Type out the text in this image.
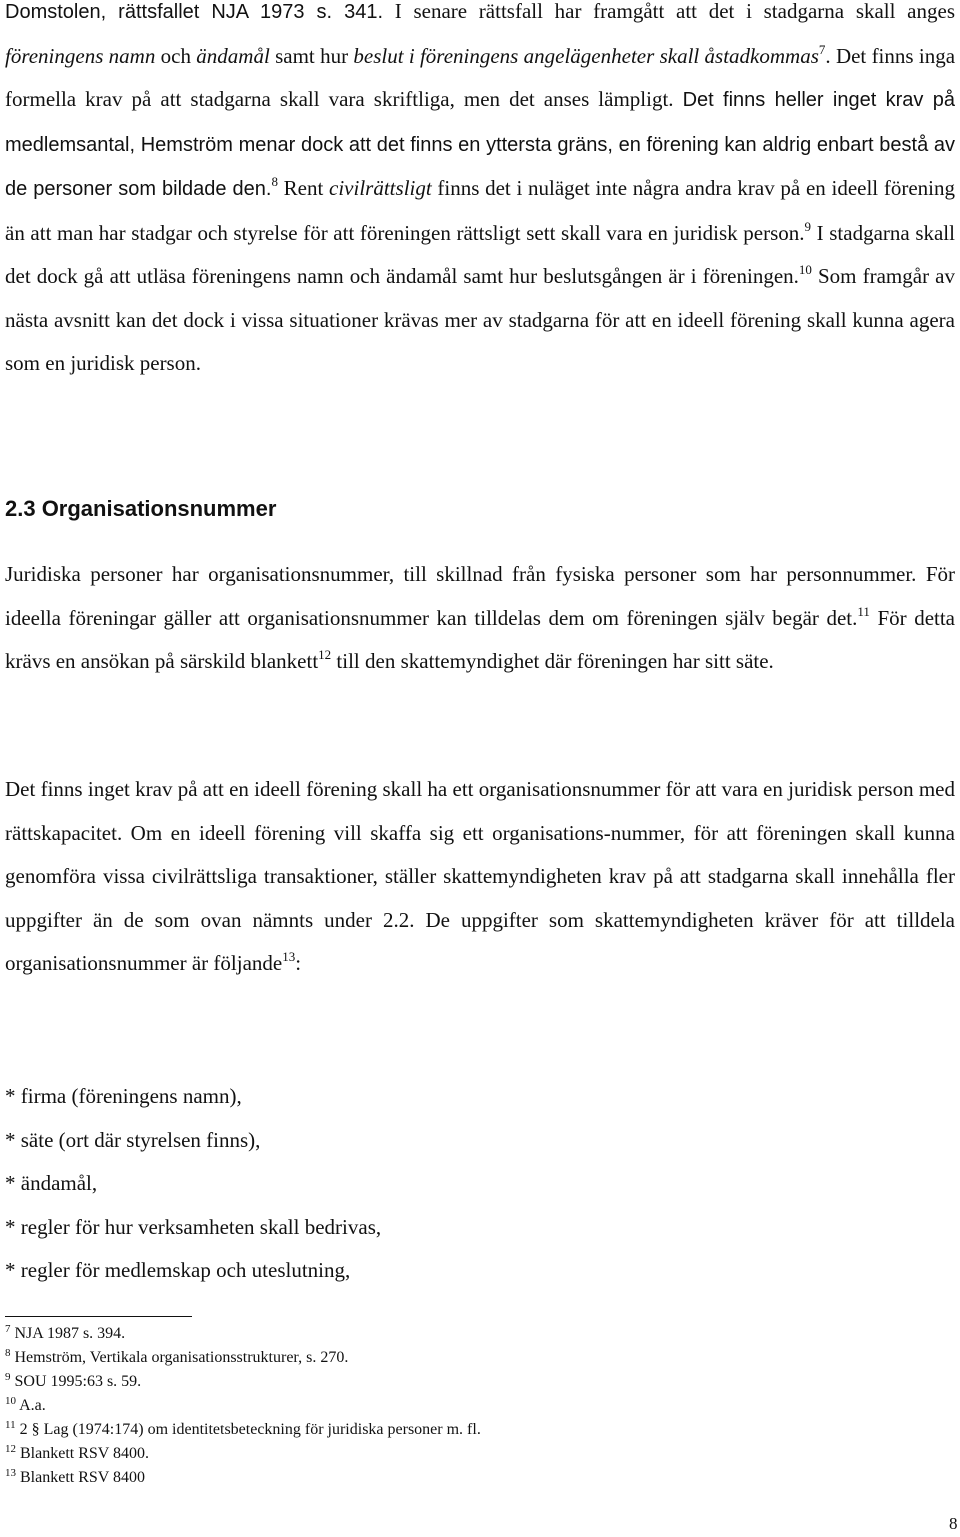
Domstolen, rättsfallet NJA 1973 s. 341. I senare rättsfall har framgått att det i stadgarna skall anges föreningens namn och ändamål samt hur beslut i föreningens angelägenheter skall åstadkommas$^7$. Det finns inga formella krav på att stadgarna skall vara skriftliga, men det anses lämpligt. Det finns heller inget krav på medlemsantal, Hemström menar dock att det finns en yttersta gräns, en förening kan aldrig enbart bestå av de personer som bildade den.$^8$ Rent civilrättsligt finns det i nuläget inte några andra krav på en ideell förening än att man har stadgar och styrelse för att föreningen rättsligt sett skall vara en juridisk person.$^9$ I stadgarna skall det dock gå att utläsa föreningens namn och ändamål samt hur beslutsgången är i föreningen.$^{10}$ Som framgår av nästa avsnitt kan det dock i vissa situationer krävas mer av stadgarna för att en ideell förening skall kunna agera som en juridisk person.

2.3 Organisationsnummer

Juridiska personer har organisationsnummer, till skillnad från fysiska personer som har personnummer. För ideella föreningar gäller att organisationsnummer kan tilldelas dem om föreningen själv begär det.$^{11}$ För detta krävs en ansökan på särskild blankett$^{12}$ till den skattemyndighet där föreningen har sitt säte.

Det finns inget krav på att en ideell förening skall ha ett organisationsnummer för att vara en juridisk person med rättskapacitet. Om en ideell förening vill skaffa sig ett organisations-nummer, för att föreningen skall kunna genomföra vissa civilrättsliga transaktioner, ställer skattemyndigheten krav på att stadgarna skall innehålla fler uppgifter än de som ovan nämnts under 2.2. De uppgifter som skattemyndigheten kräver för att tilldela organisationsnummer är följande$^{13}$:

* firma (föreningens namn),
* säte (ort där styrelsen finns),
* ändamål,
* regler för hur verksamheten skall bedrivas,
* regler för medlemskap och uteslutning,
$^7$ NJA 1987 s. 394.
$^8$ Hemström, Vertikala organisationsstrukturer, s. 270.
$^9$ SOU 1995:63 s. 59.
$^{10}$ A.a.
$^{11}$ 2 § Lag (1974:174) om identitetsbeteckning för juridiska personer m. fl.
$^{12}$ Blankett RSV 8400.
$^{13}$ Blankett RSV 8400
8
